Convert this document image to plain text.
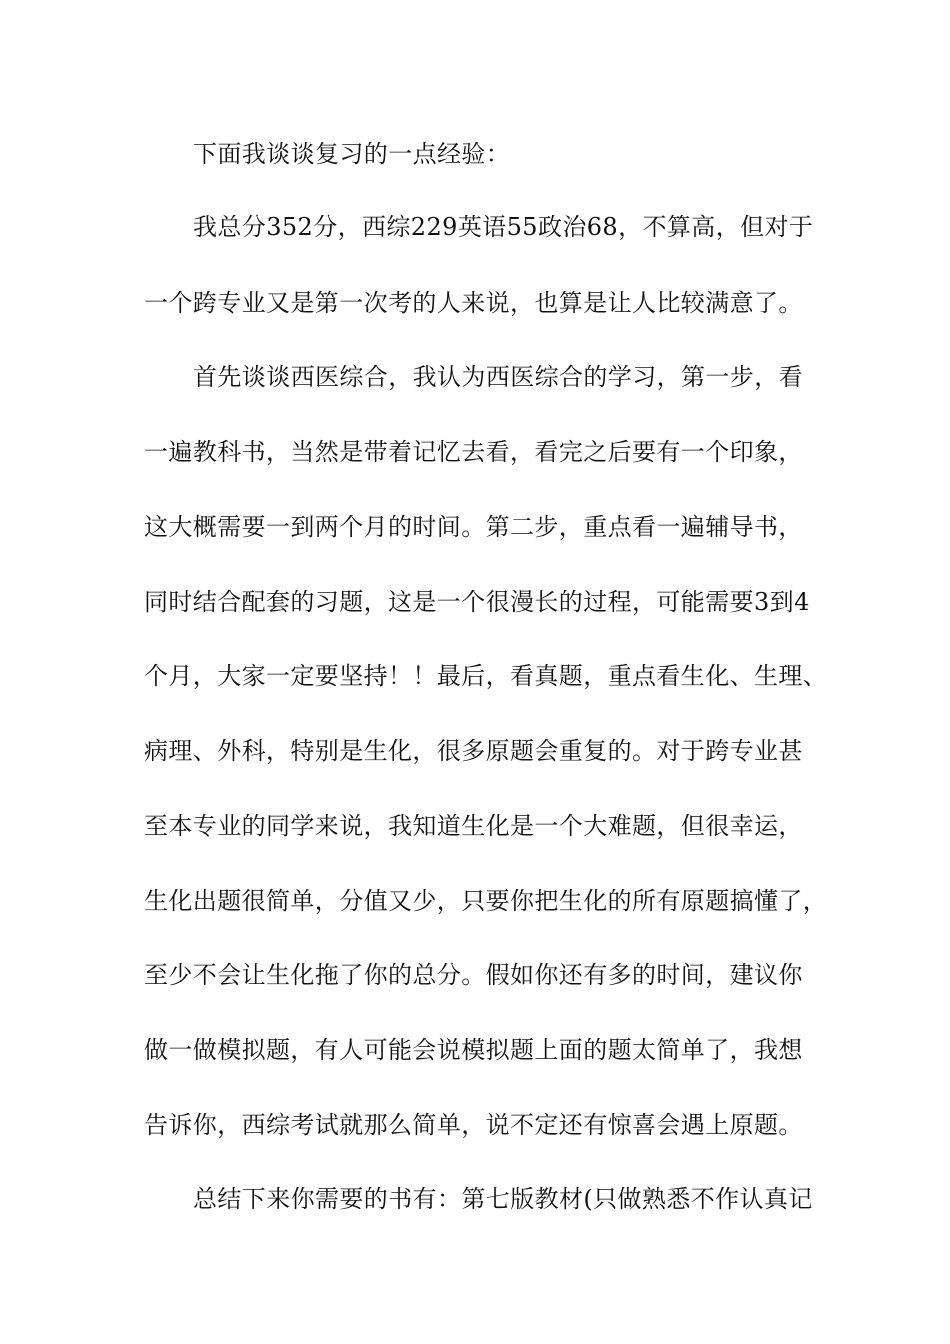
下面我谈谈复习的一点经验：
我总分352分，西综229英语55政治68，不算高，但对于
一个跨专业又是第一次考的人来说，也算是让人比较满意了。
首先谈谈西医综合，我认为西医综合的学习，第一步，看
一遍教科书，当然是带着记忆去看，看完之后要有一个印象，
这大概需要一到两个月的时间。第二步，重点看一遍辅导书，
同时结合配套的习题，这是一个很漫长的过程，可能需要3到4
个月，大家一定要坚持！！最后，看真题，重点看生化、生理、
病理、外科，特别是生化，很多原题会重复的。对于跨专业甚
至本专业的同学来说，我知道生化是一个大难题，但很幸运，
生化出题很简单，分值又少，只要你把生化的所有原题搞懂了，
至少不会让生化拖了你的总分。假如你还有多的时间，建议你
做一做模拟题，有人可能会说模拟题上面的题太简单了，我想
告诉你，西综考试就那么简单，说不定还有惊喜会遇上原题。
总结下来你需要的书有：第七版教材(只做熟悉不作认真记
